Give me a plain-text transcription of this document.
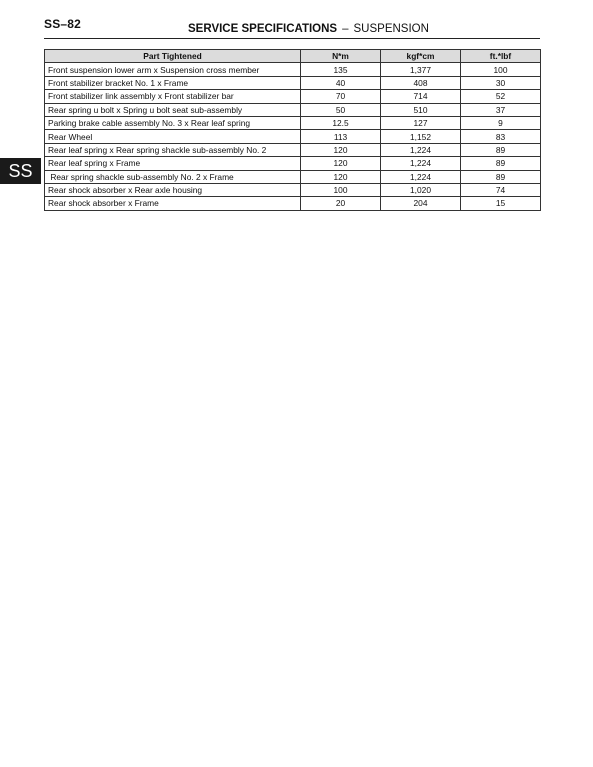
SS–82	SERVICE SPECIFICATIONS – SUSPENSION
SS
Part Tightened	N*m	kgf*cm	ft.*lbf
Front suspension lower arm x Suspension cross member	135	1,377	100
Front stabilizer bracket No. 1 x Frame	40	408	30
Front stabilizer link assembly x Front stabilizer bar	70	714	52
Rear spring u bolt x Spring u bolt seat sub-assembly	50	510	37
Parking brake cable assembly No. 3 x Rear leaf spring	12.5	127	9
Rear Wheel	113	1,152	83
Rear leaf spring x Rear spring shackle sub-assembly No. 2	120	1,224	89
Rear leaf spring x Frame	120	1,224	89
Rear spring shackle sub-assembly No. 2 x Frame	120	1,224	89
Rear shock absorber x Rear axle housing	100	1,020	74
Rear shock absorber x Frame	20	204	15
